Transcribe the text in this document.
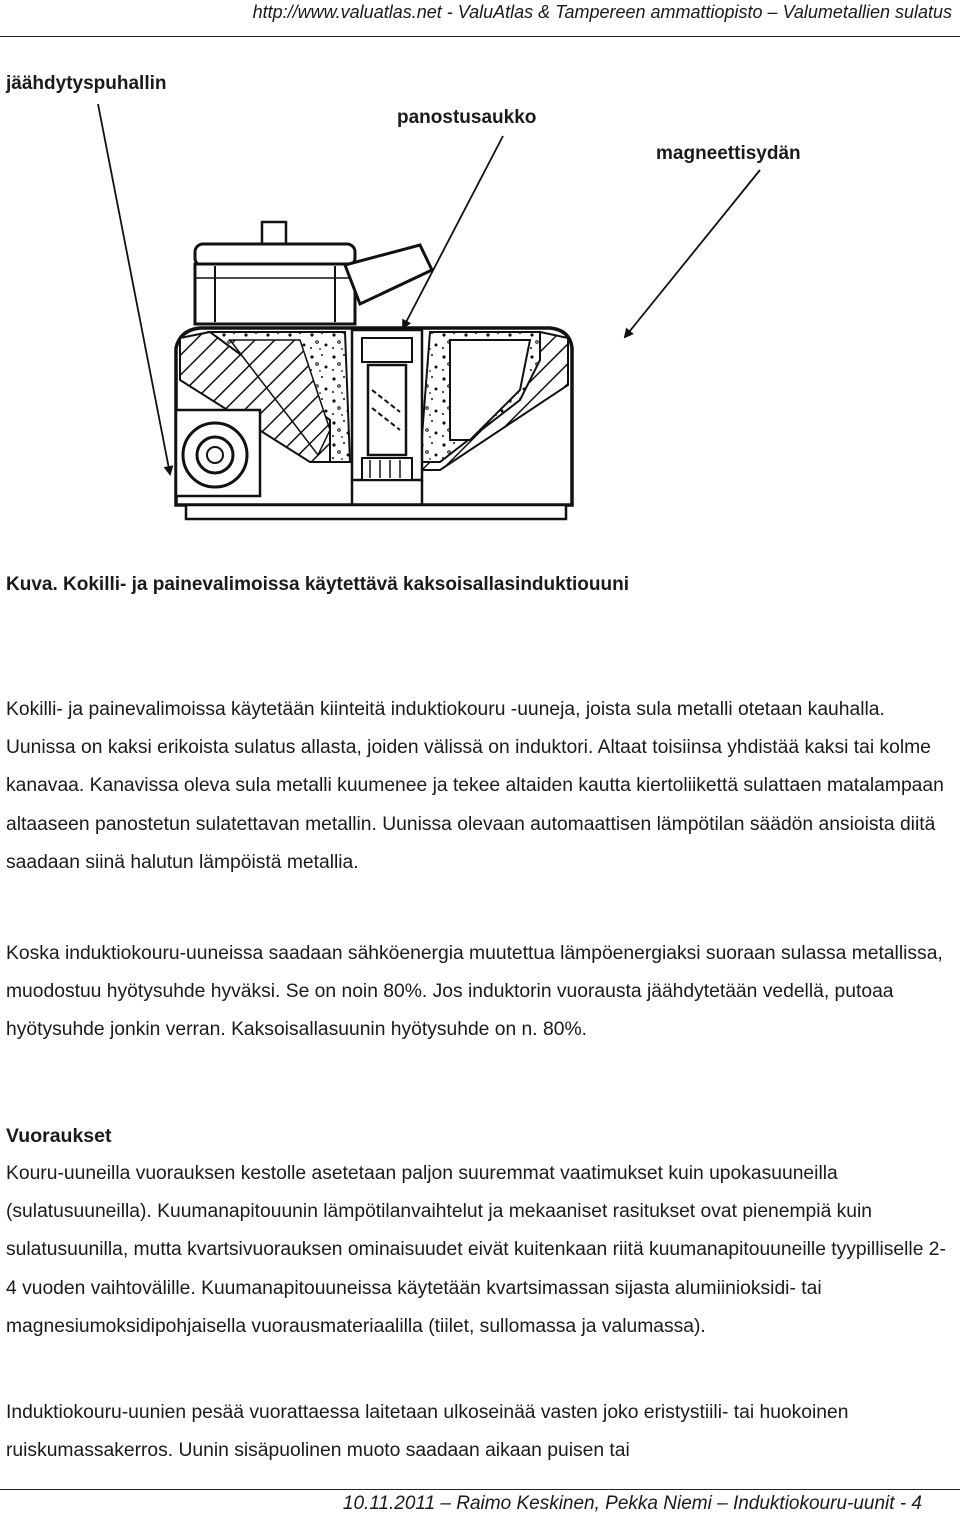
http://www.valuatlas.net - ValuAtlas & Tampereen ammattiopisto – Valumetallien sulatus
jäähdytyspuhallin
panostusaukko
magneettisydän
Kuva. Kokilli- ja painevalimoissa käytettävä kaksoisallasinduktiouuni
Kokilli- ja painevalimoissa käytetään kiinteitä induktiokouru -uuneja, joista sula metalli otetaan kauhalla. Uunissa on kaksi erikoista sulatus allasta, joiden välissä on induktori. Altaat toisiinsa yhdistää kaksi tai kolme kanavaa. Kanavissa oleva sula metalli kuumenee ja tekee altaiden kautta kiertoliikettä sulattaen matalampaan altaaseen panostetun sulatettavan metallin. Uunissa olevaan automaattisen lämpötilan säädön ansioista diitä saadaan siinä halutun lämpöistä metallia.
Koska induktiokouru-uuneissa saadaan sähköenergia muutettua lämpöenergiaksi suoraan sulassa metallissa, muodostuu hyötysuhde hyväksi. Se on noin 80%. Jos induktorin vuorausta jäähdytetään vedellä, putoaa hyötysuhde jonkin verran. Kaksoisallasuunin hyötysuhde on n. 80%.
Vuoraukset
Kouru-uuneilla vuorauksen kestolle asetetaan paljon suuremmat vaatimukset kuin upokasuuneilla (sulatusuuneilla). Kuumanapitouunin lämpötilanvaihtelut ja mekaaniset rasitukset ovat pienempiä kuin sulatusuunilla, mutta kvartsivuorauksen ominaisuudet eivät kuitenkaan riitä kuumanapitouuneille tyypilliselle 2-4 vuoden vaihtovälille. Kuumanapitouuneissa käytetään kvartsimassan sijasta alumiinioksidi- tai magnesiumoksidipohjaisella vuorausmateriaalilla (tiilet, sullomassa ja valumassa).
Induktiokouru-uunien pesää vuorattaessa laitetaan ulkoseinää vasten joko eristystiili- tai huokoinen ruiskumassakerros. Uunin sisäpuolinen muoto saadaan aikaan puisen tai
10.11.2011 – Raimo Keskinen, Pekka Niemi – Induktiokouru-uunit - 4
